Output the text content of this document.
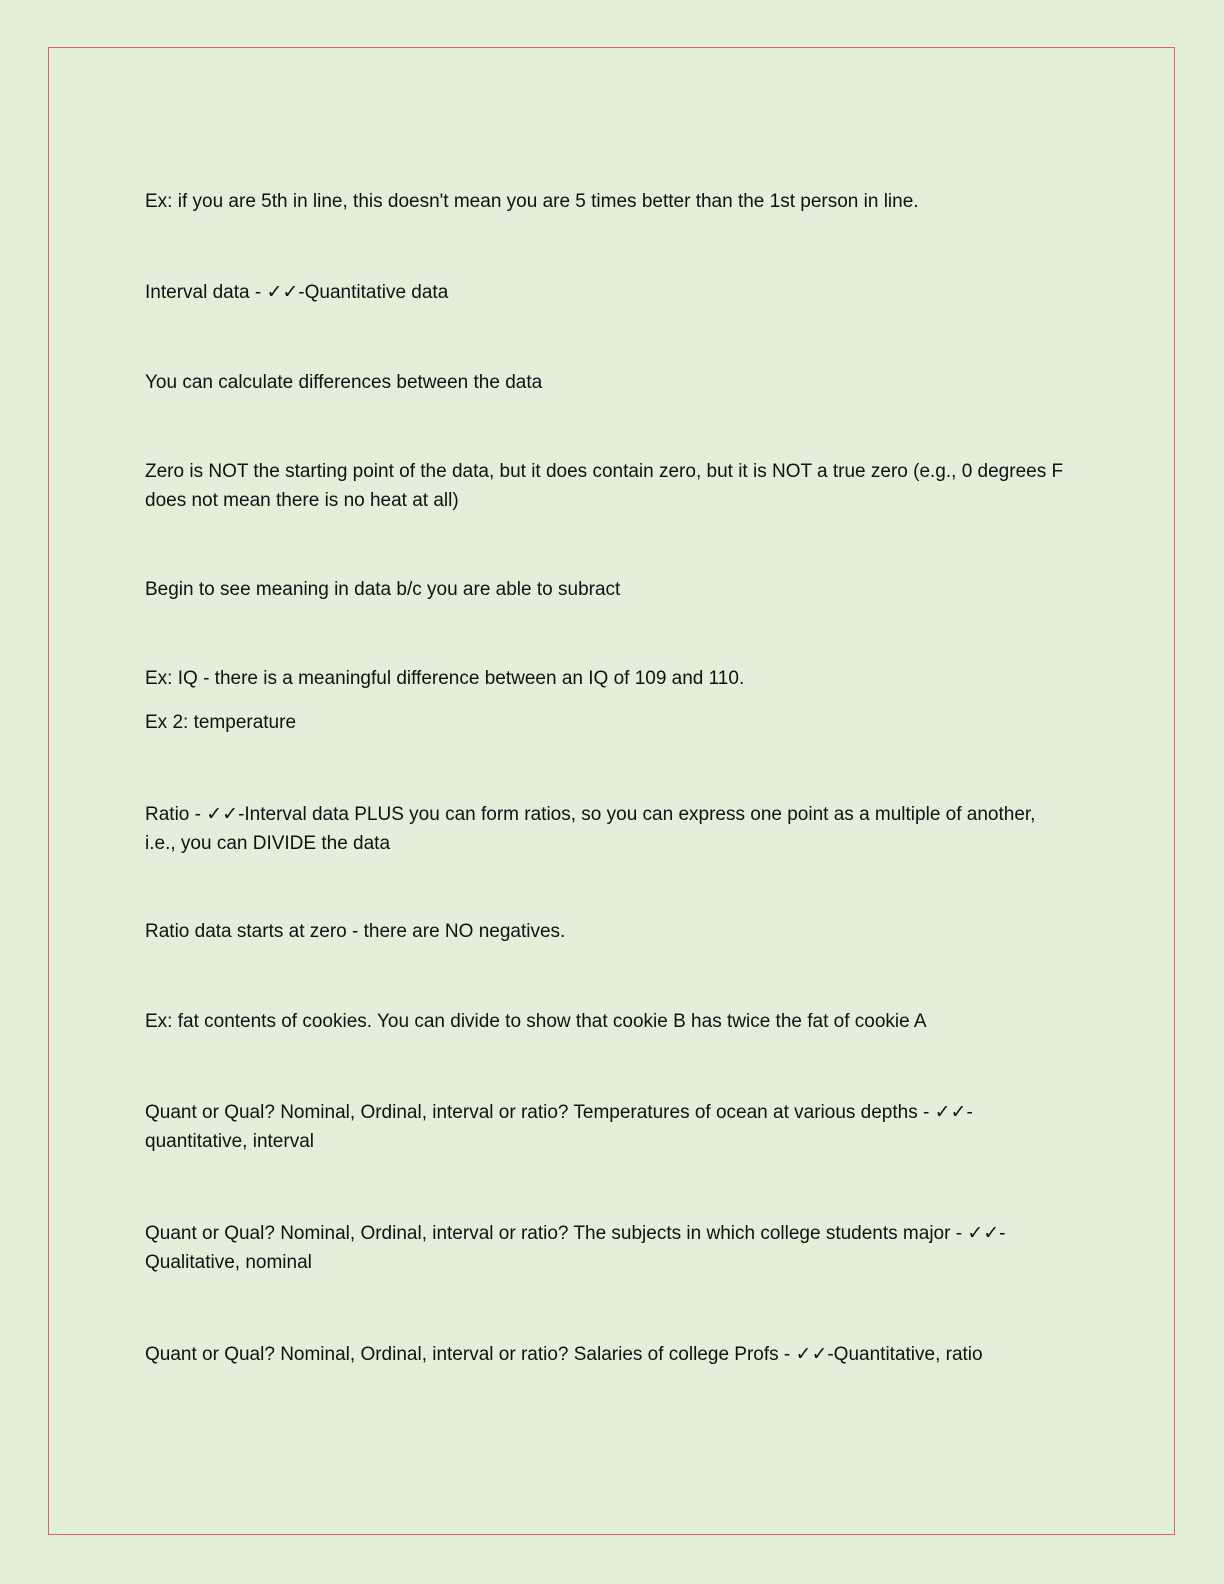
Ex: if you are 5th in line, this doesn't mean you are 5 times better than the 1st person in line.

Interval data - ✓✓-Quantitative data

You can calculate differences between the data

Zero is NOT the starting point of the data, but it does contain zero, but it is NOT a true zero (e.g., 0 degrees F does not mean there is no heat at all)

Begin to see meaning in data b/c you are able to subract

Ex: IQ - there is a meaningful difference between an IQ of 109 and 110.

Ex 2: temperature

Ratio - ✓✓-Interval data PLUS you can form ratios, so you can express one point as a multiple of another, i.e., you can DIVIDE the data

Ratio data starts at zero - there are NO negatives.

Ex: fat contents of cookies. You can divide to show that cookie B has twice the fat of cookie A

Quant or Qual? Nominal, Ordinal, interval or ratio? Temperatures of ocean at various depths - ✓✓-quantitative, interval

Quant or Qual? Nominal, Ordinal, interval or ratio? The subjects in which college students major - ✓✓-Qualitative, nominal

Quant or Qual? Nominal, Ordinal, interval or ratio? Salaries of college Profs - ✓✓-Quantitative, ratio
